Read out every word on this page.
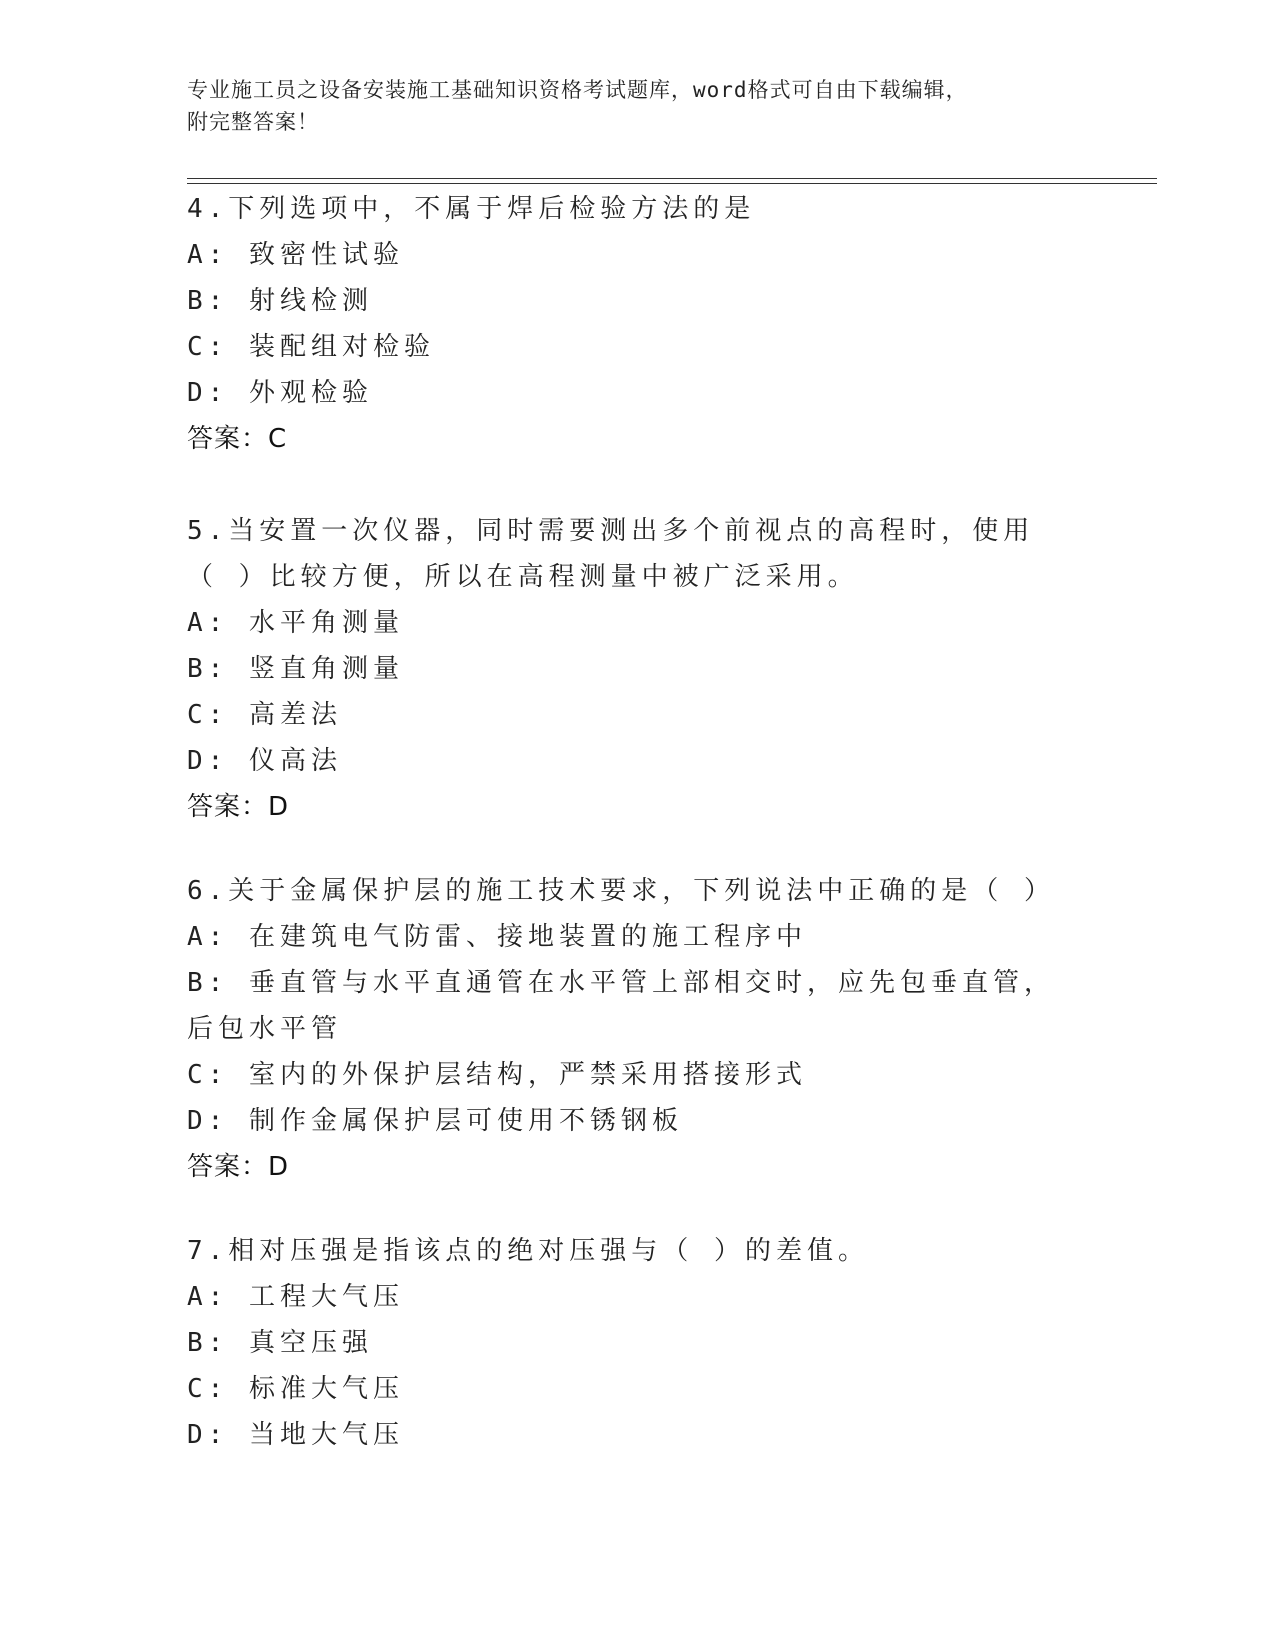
专业施工员之设备安装施工基础知识资格考试题库，word格式可自由下载编辑，
附完整答案！
4.下列选项中，不属于焊后检验方法的是
A: 致密性试验
B: 射线检测
C: 装配组对检验
D: 外观检验
答案：C
5.当安置一次仪器，同时需要测出多个前视点的高程时，使用（ ）比较方便，所以在高程测量中被广泛采用。
A: 水平角测量
B: 竖直角测量
C: 高差法
D: 仪高法
答案：D
6.关于金属保护层的施工技术要求，下列说法中正确的是（ ）
A: 在建筑电气防雷、接地装置的施工程序中
B: 垂直管与水平直通管在水平管上部相交时，应先包垂直管，后包水平管
C: 室内的外保护层结构，严禁采用搭接形式
D: 制作金属保护层可使用不锈钢板
答案：D
7.相对压强是指该点的绝对压强与（ ）的差值。
A: 工程大气压
B: 真空压强
C: 标准大气压
D: 当地大气压
